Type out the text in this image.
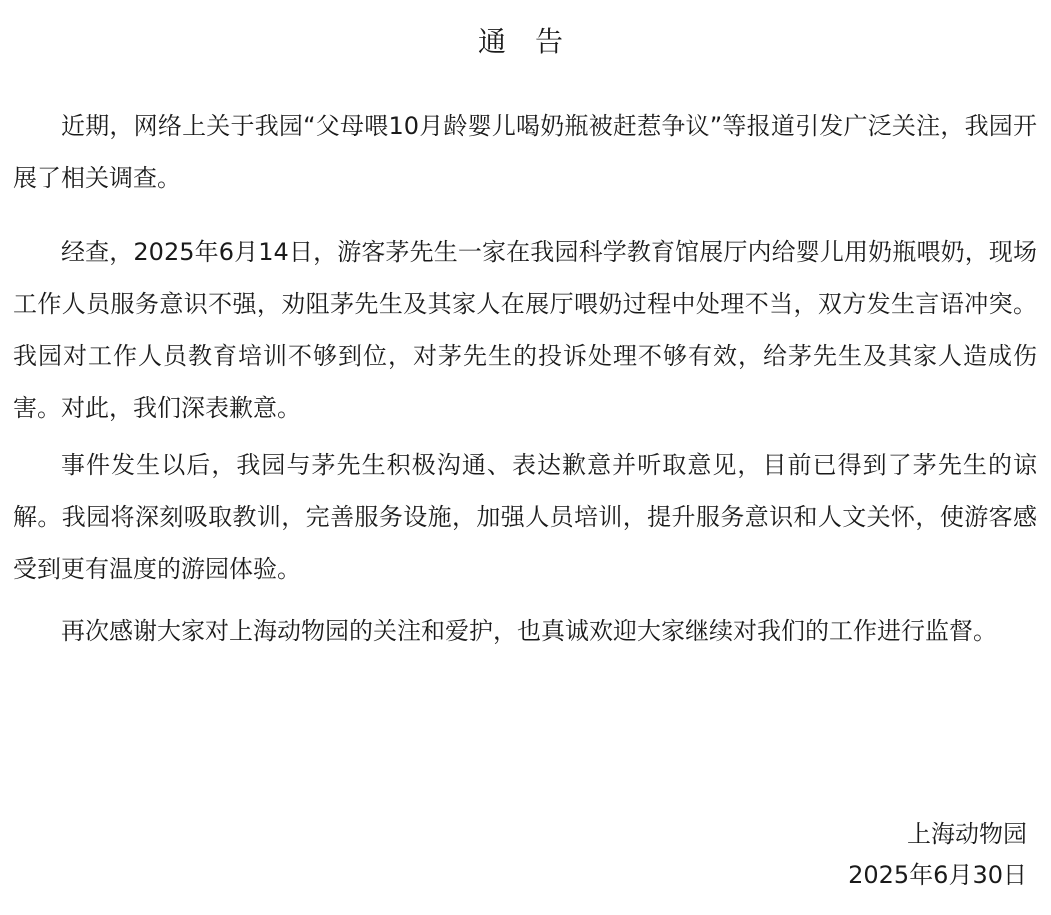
通 告

近期，网络上关于我园“父母喂10月龄婴儿喝奶瓶被赶惹争议”等报道引发广泛关注，我园开展了相关调查。

经查，2025年6月14日，游客茅先生一家在我园科学教育馆展厅内给婴儿用奶瓶喂奶，现场工作人员服务意识不强，劝阻茅先生及其家人在展厅喂奶过程中处理不当，双方发生言语冲突。我园对工作人员教育培训不够到位，对茅先生的投诉处理不够有效，给茅先生及其家人造成伤害。对此，我们深表歉意。

事件发生以后，我园与茅先生积极沟通、表达歉意并听取意见，目前已得到了茅先生的谅解。我园将深刻吸取教训，完善服务设施，加强人员培训，提升服务意识和人文关怀，使游客感受到更有温度的游园体验。

再次感谢大家对上海动物园的关注和爱护，也真诚欢迎大家继续对我们的工作进行监督。

上海动物园

2025年6月30日
